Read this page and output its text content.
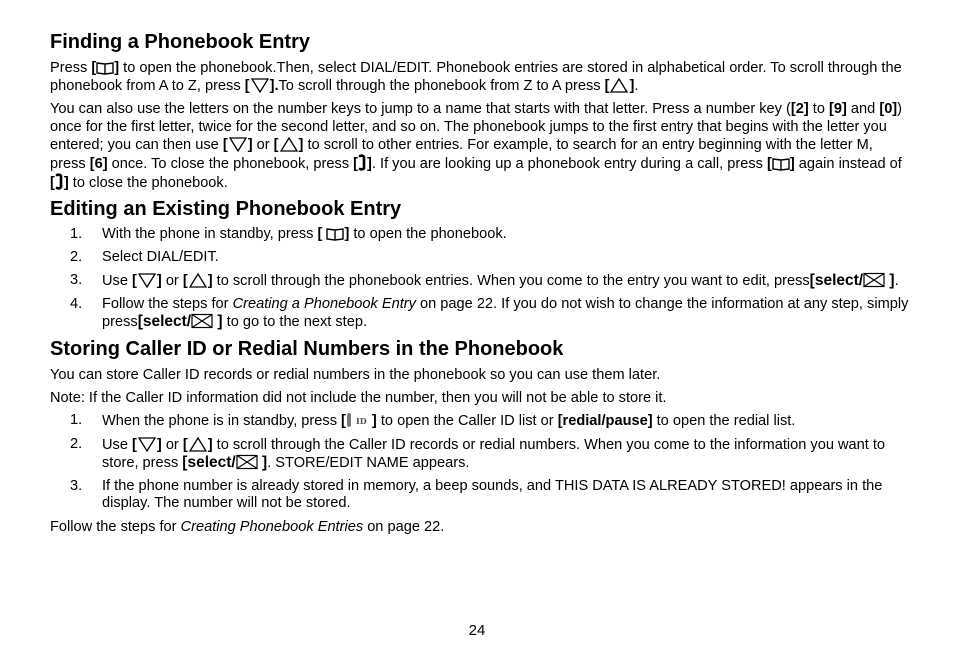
Finding a Phonebook Entry

Press [ ] to open the phonebook.Then, select DIAL/EDIT. Phonebook entries are stored in alphabetical order. To scroll through the phonebook from A to Z, press [ ].To scroll through the phonebook from Z to A press [ ].

You can also use the letters on the number keys to jump to a name that starts with that letter. Press a number key ([2] to [9] and [0]) once for the first letter, twice for the second letter, and so on. The phonebook jumps to the first entry that begins with the letter you entered; you can then use [ ] or [ ] to scroll to other entries. For example, to search for an entry beginning with the letter M, press [6] once. To close the phonebook, press [ ]. If you are looking up a phonebook entry during a call, press [ ] again instead of [ ] to close the phonebook.

Editing an Existing Phonebook Entry
1. With the phone in standby, press [ ] to open the phonebook.
2. Select DIAL/EDIT.
3. Use [ ] or [ ] to scroll through the phonebook entries. When you come to the entry you want to edit, press[select/ ].
4. Follow the steps for Creating a Phonebook Entry on page 22. If you do not wish to change the information at any step, simply press[select/ ] to go to the next step.
Storing Caller ID or Redial Numbers in the Phonebook

You can store Caller ID records or redial numbers in the phonebook so you can use them later.

Note: If the Caller ID information did not include the number, then you will not be able to store it.

1. When the phone is in standby, press [ ID ] to open the Caller ID list or [redial/pause] to open the redial list.
2. Use [ ] or [ ] to scroll through the Caller ID records or redial numbers. When you come to the information you want to store, press [select/ ]. STORE/EDIT NAME appears.
3. If the phone number is already stored in memory, a beep sounds, and THIS DATA IS ALREADY STORED! appears in the display. The number will not be stored.

Follow the steps for Creating Phonebook Entries on page 22.

24
